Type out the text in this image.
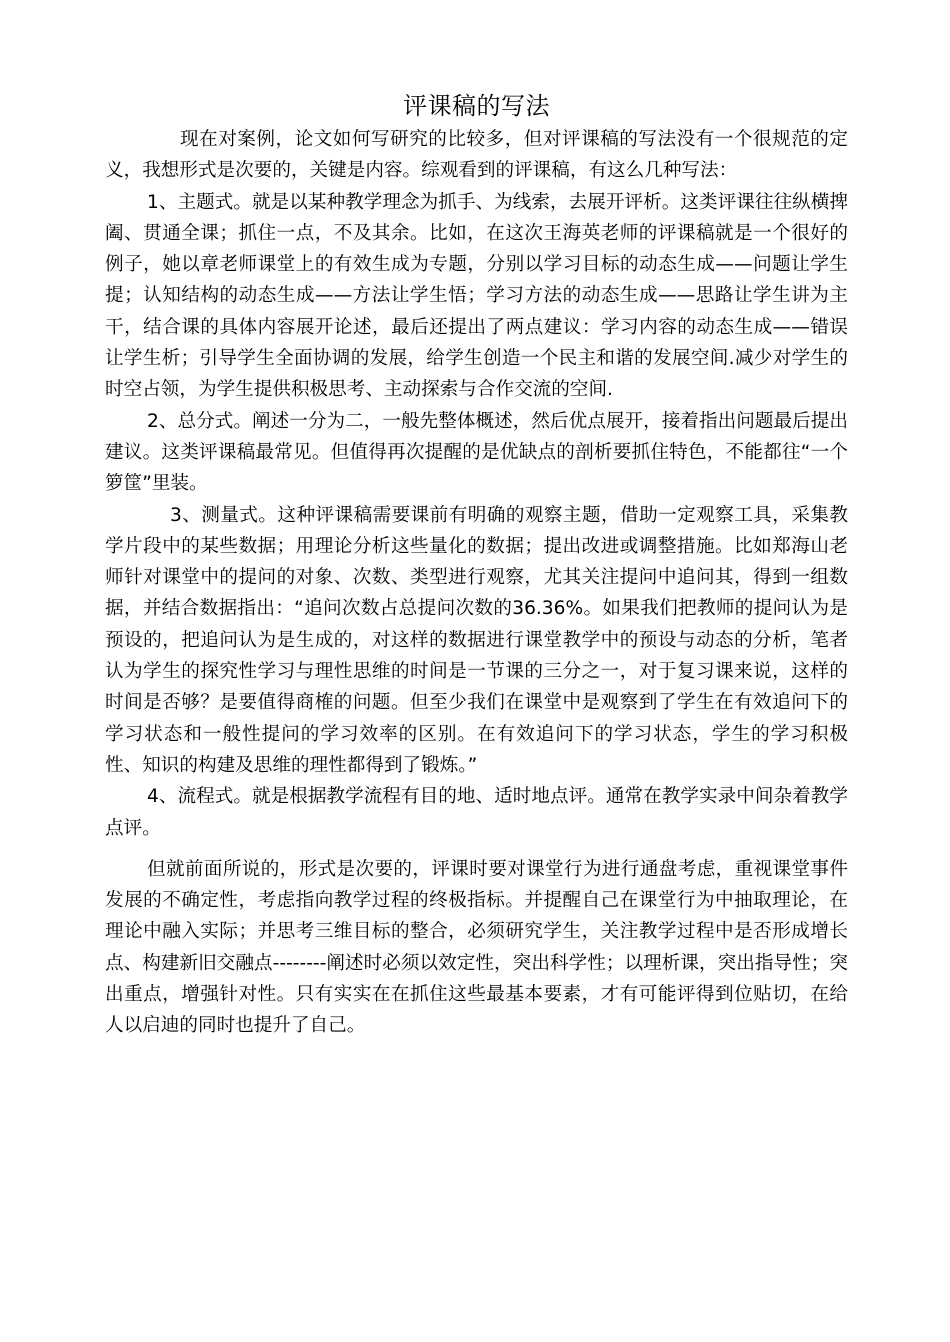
评课稿的写法

现在对案例，论文如何写研究的比较多，但对评课稿的写法没有一个很规范的定义，我想形式是次要的，关键是内容。综观看到的评课稿，有这么几种写法：

1、主题式。就是以某种教学理念为抓手、为线索，去展开评析。这类评课往往纵横捭阖、贯通全课；抓住一点，不及其余。比如，在这次王海英老师的评课稿就是一个很好的例子，她以章老师课堂上的有效生成为专题，分别以学习目标的动态生成——问题让学生提；认知结构的动态生成——方法让学生悟；学习方法的动态生成——思路让学生讲为主干，结合课的具体内容展开论述，最后还提出了两点建议：学习内容的动态生成——错误让学生析；引导学生全面协调的发展，给学生创造一个民主和谐的发展空间.减少对学生的时空占领，为学生提供积极思考、主动探索与合作交流的空间.

2、总分式。阐述一分为二，一般先整体概述，然后优点展开，接着指出问题最后提出建议。这类评课稿最常见。但值得再次提醒的是优缺点的剖析要抓住特色，不能都往“一个箩筐”里装。

3、测量式。这种评课稿需要课前有明确的观察主题，借助一定观察工具，采集教学片段中的某些数据；用理论分析这些量化的数据；提出改进或调整措施。比如郑海山老师针对课堂中的提问的对象、次数、类型进行观察，尤其关注提问中追问其，得到一组数据，并结合数据指出：“追问次数占总提问次数的36.36%。如果我们把教师的提问认为是预设的，把追问认为是生成的，对这样的数据进行课堂教学中的预设与动态的分析，笔者认为学生的探究性学习与理性思维的时间是一节课的三分之一，对于复习课来说，这样的时间是否够？是要值得商榷的问题。但至少我们在课堂中是观察到了学生在有效追问下的学习状态和一般性提问的学习效率的区别。在有效追问下的学习状态，学生的学习积极性、知识的构建及思维的理性都得到了锻炼。”

4、流程式。就是根据教学流程有目的地、适时地点评。通常在教学实录中间杂着教学点评。

但就前面所说的，形式是次要的，评课时要对课堂行为进行通盘考虑，重视课堂事件发展的不确定性，考虑指向教学过程的终极指标。并提醒自己在课堂行为中抽取理论，在理论中融入实际；并思考三维目标的整合，必须研究学生，关注教学过程中是否形成增长点、构建新旧交融点--------阐述时必须以效定性，突出科学性；以理析课，突出指导性；突出重点，增强针对性。只有实实在在抓住这些最基本要素，才有可能评得到位贴切，在给人以启迪的同时也提升了自己。
